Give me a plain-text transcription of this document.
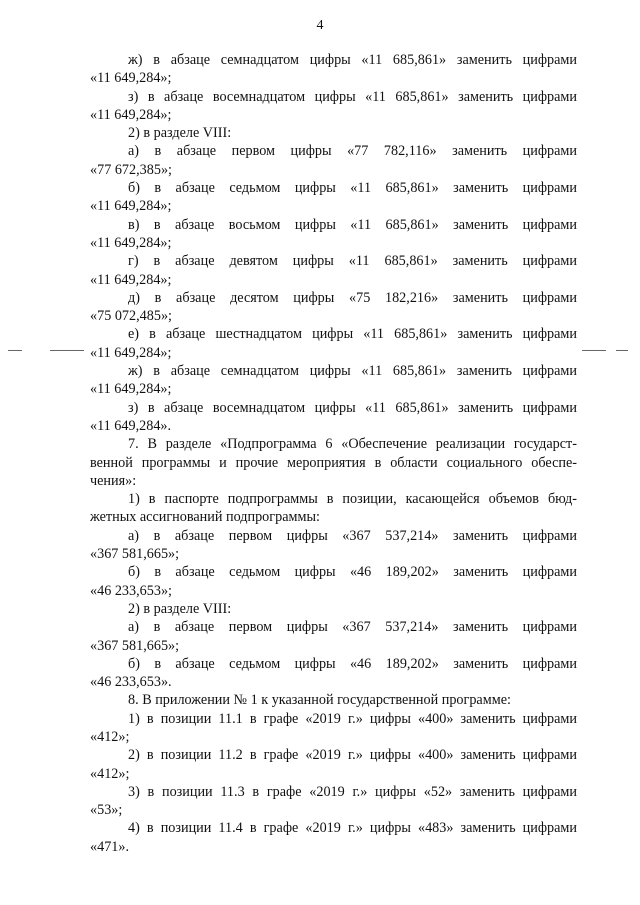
4
ж) в абзаце семнадцатом цифры «11 685,861» заменить цифрами
«11 649,284»;
з) в абзаце восемнадцатом цифры «11 685,861» заменить цифрами
«11 649,284»;
2) в разделе VIII:
а) в абзаце первом цифры «77 782,116» заменить цифрами
«77 672,385»;
б) в абзаце седьмом цифры «11 685,861» заменить цифрами
«11 649,284»;
в) в абзаце восьмом цифры «11 685,861» заменить цифрами
«11 649,284»;
г) в абзаце девятом цифры «11 685,861» заменить цифрами
«11 649,284»;
д) в абзаце десятом цифры «75 182,216» заменить цифрами
«75 072,485»;
е) в абзаце шестнадцатом цифры «11 685,861» заменить цифрами
«11 649,284»;
ж) в абзаце семнадцатом цифры «11 685,861» заменить цифрами
«11 649,284»;
з) в абзаце восемнадцатом цифры «11 685,861» заменить цифрами
«11 649,284».
7. В разделе «Подпрограмма 6 «Обеспечение реализации государст-
венной программы и прочие мероприятия в области социального обеспе-
чения»:
1) в паспорте подпрограммы в позиции, касающейся объемов бюд-
жетных ассигнований подпрограммы:
а) в абзаце первом цифры «367 537,214» заменить цифрами
«367 581,665»;
б) в абзаце седьмом цифры «46 189,202» заменить цифрами
«46 233,653»;
2) в разделе VIII:
а) в абзаце первом цифры «367 537,214» заменить цифрами
«367 581,665»;
б) в абзаце седьмом цифры «46 189,202» заменить цифрами
«46 233,653».
8. В приложении № 1 к указанной государственной программе:
1) в позиции 11.1 в графе «2019 г.» цифры «400» заменить цифрами
«412»;
2) в позиции 11.2 в графе «2019 г.» цифры «400» заменить цифрами
«412»;
3) в позиции 11.3 в графе «2019 г.» цифры «52» заменить цифрами
«53»;
4) в позиции 11.4 в графе «2019 г.» цифры «483» заменить цифрами
«471».
